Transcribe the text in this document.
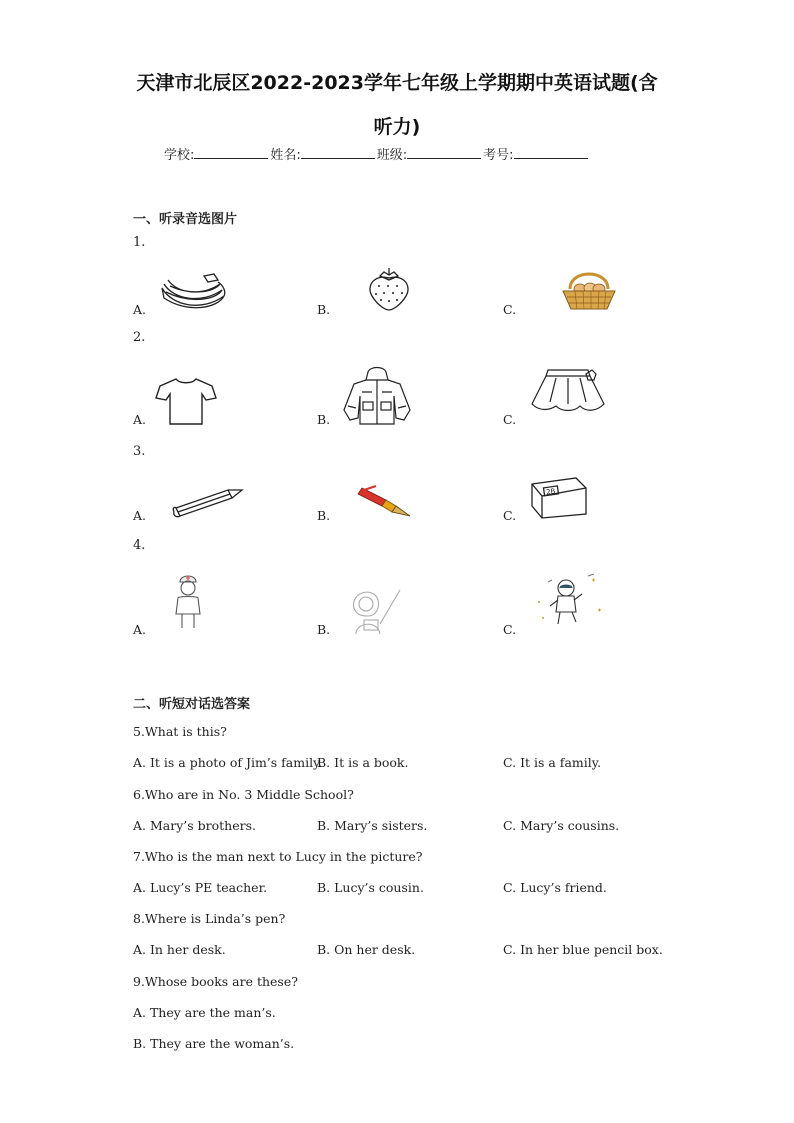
天津市北辰区2022-2023学年七年级上学期期中英语试题(含
听力)
学校:	姓名:	班级:	考号:
一、听录音选图片
1.
A.	B.	C.
2.
A.	B.	C.
3.
A.	B.	C.
2B
4.
A.	B.	C.
二、听短对话选答案
5.What is this?
A. It is a photo of Jim’s family.
B. It is a book.	C. It is a family.
6.Who are in No. 3 Middle School?
A. Mary’s brothers.	B. Mary’s sisters.	C. Mary’s cousins.
7.Who is the man next to Lucy in the picture?
A. Lucy’s PE teacher.	B. Lucy’s cousin.	C. Lucy’s friend.
8.Where is Linda’s pen?
A. In her desk.	B. On her desk.	C. In her blue pencil box.
9.Whose books are these?
A. They are the man’s.
B. They are the woman’s.
